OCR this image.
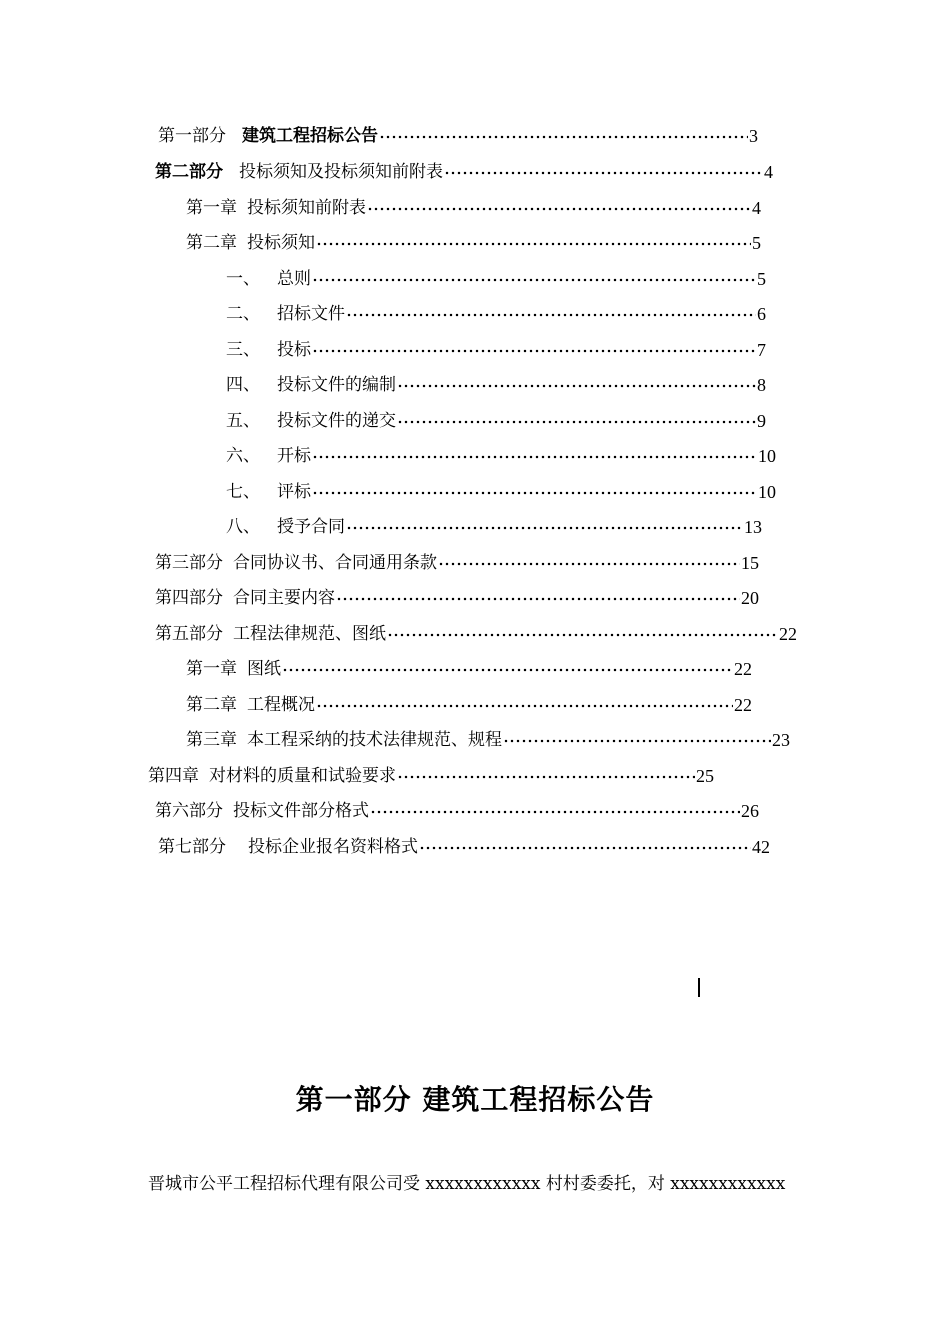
第一部分 建筑工程招标公告	3
第二部分 投标须知及投标须知前附表	4
第一章 投标须知前附表	4
第二章 投标须知	5
一、	总则	5
二、	招标文件	6
三、	投标	7
四、	投标文件的编制	8
五、	投标文件的递交	9
六、	开标	10
七、	评标	10
八、	授予合同	13
第三部分 合同协议书、合同通用条款	15
第四部分 合同主要内容	20
第五部分 工程法律规范、图纸	22
第一章 图纸	22
第二章 工程概况	22
第三章 本工程采纳的技术法律规范、规程	23
第四章 对材料的质量和试验要求	25
第六部分 投标文件部分格式	26
第七部分 投标企业报名资料格式	42
第一部分 建筑工程招标公告
晋城市公平工程招标代理有限公司受 xxxxxxxxxxxx 村村委委托，对 xxxxxxxxxxxx
